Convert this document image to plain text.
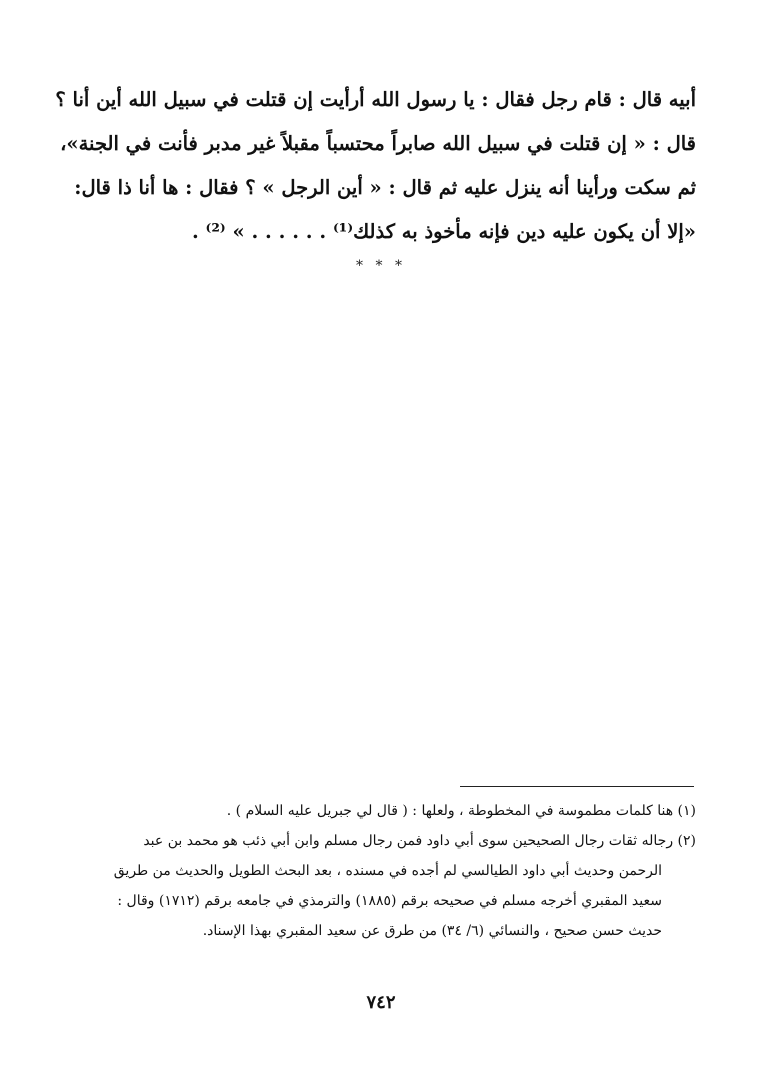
أبيه قال : قام رجل فقال : يا رسول الله أرأيت إن قتلت في سبيل الله أين أنا ؟
قال : « إن قتلت في سبيل الله صابراً محتسباً مقبلاً غير مدبر فأنت في الجنة»،
ثم سكت ورأينا أنه ينزل عليه ثم قال : « أين الرجل » ؟ فقال : ها أنا ذا قال:
«إلا أن يكون عليه دين فإنه مأخوذ به كذلك⁽¹⁾ . . . . . . » ⁽²⁾ .
* * *
(١) هنا كلمات مطموسة في المخطوطة ، ولعلها : ( قال لي جبريل عليه السلام ) .
(٢) رجاله ثقات رجال الصحيحين سوى أبي داود فمن رجال مسلم وابن أبي ذئب هو محمد بن عبد
الرحمن وحديث أبي داود الطيالسي لم أجده في مسنده ، بعد البحث الطويل والحديث من طريق
سعيد المقبري أخرجه مسلم في صحيحه برقم (١٨٨٥) والترمذي في جامعه برقم (١٧١٢) وقال :
حديث حسن صحيح ، والنسائي (٦/ ٣٤) من طرق عن سعيد المقبري بهذا الإسناد.
٧٤٢
